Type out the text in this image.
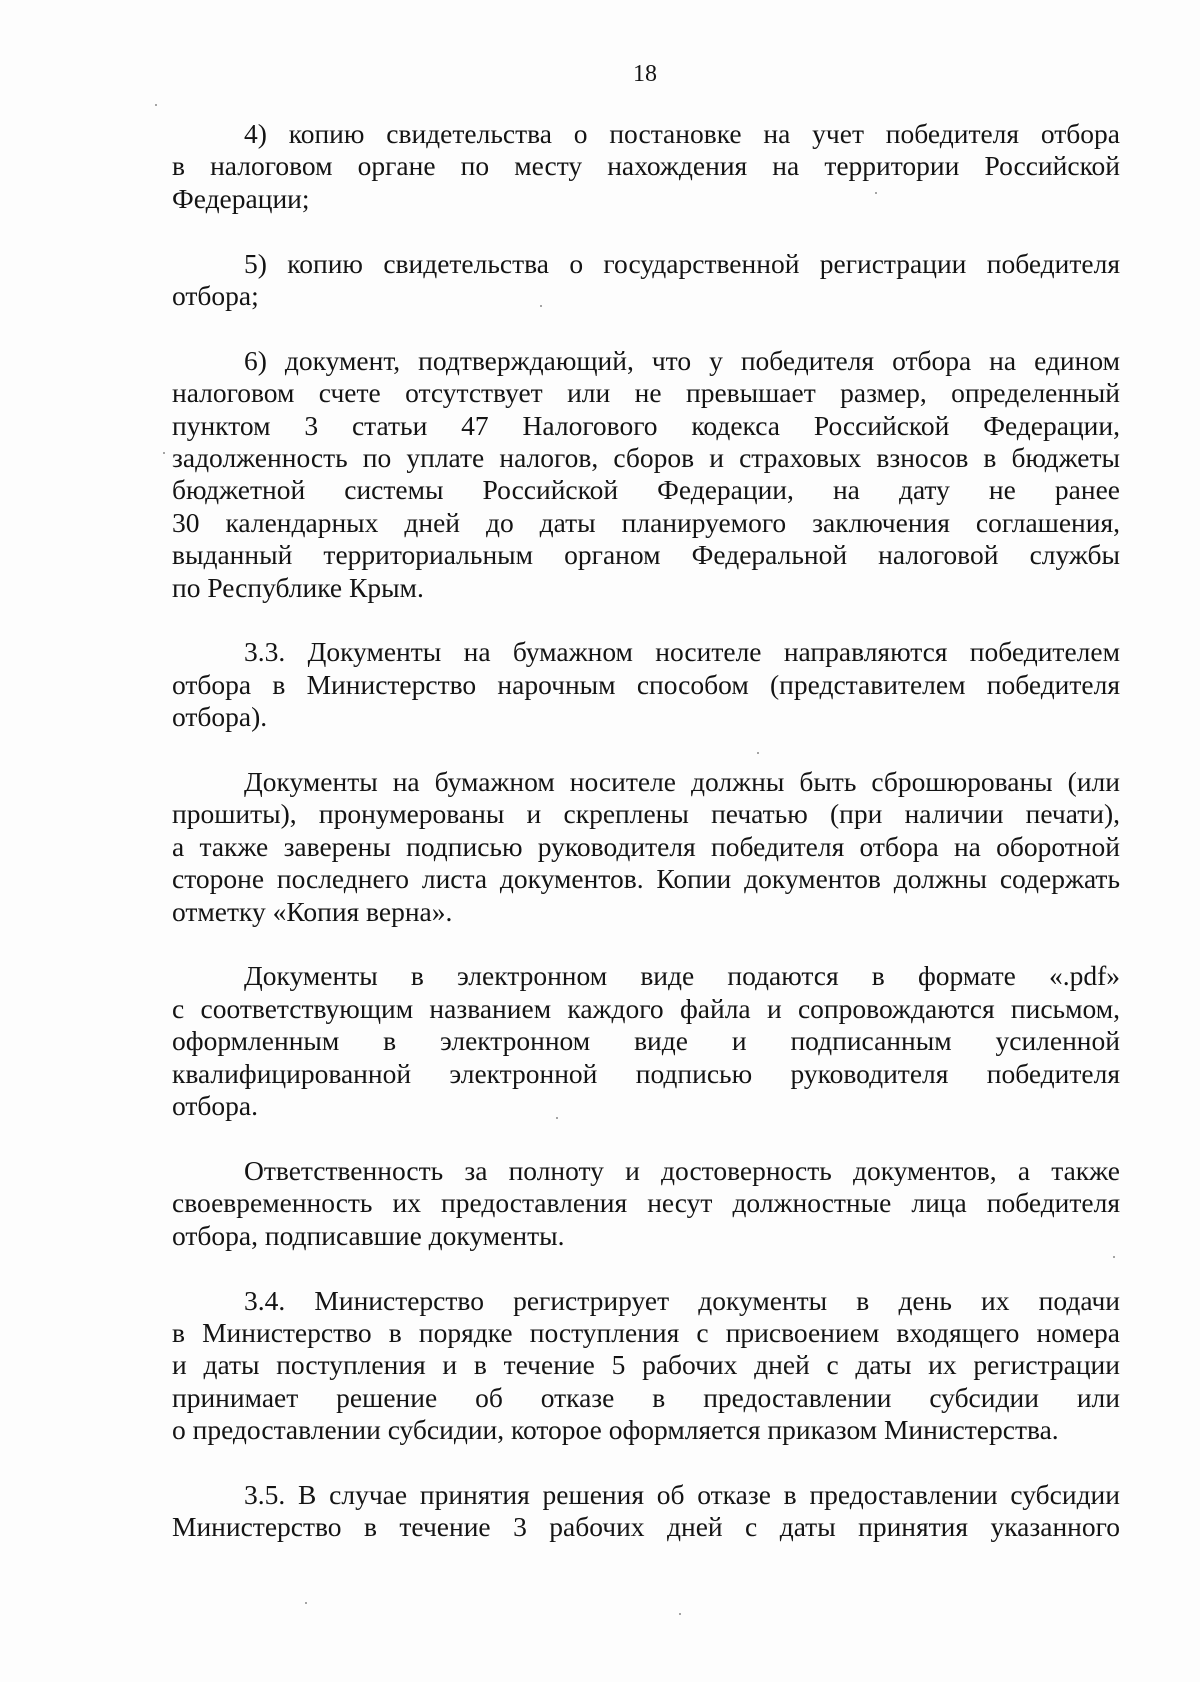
18
4) копию свидетельства о постановке на учет победителя отбора
в налоговом органе по месту нахождения на территории Российской
Федерации;
5) копию свидетельства о государственной регистрации победителя
отбора;
6) документ, подтверждающий, что у победителя отбора на едином
налоговом счете отсутствует или не превышает размер, определенный
пунктом 3 статьи 47 Налогового кодекса Российской Федерации,
задолженность по уплате налогов, сборов и страховых взносов в бюджеты
бюджетной системы Российской Федерации, на дату не ранее
30 календарных дней до даты планируемого заключения соглашения,
выданный территориальным органом Федеральной налоговой службы
по Республике Крым.
3.3. Документы на бумажном носителе направляются победителем
отбора в Министерство нарочным способом (представителем победителя
отбора).
Документы на бумажном носителе должны быть сброшюрованы (или
прошиты), пронумерованы и скреплены печатью (при наличии печати),
а также заверены подписью руководителя победителя отбора на оборотной
стороне последнего листа документов. Копии документов должны содержать
отметку «Копия верна».
Документы в электронном виде подаются в формате «.pdf»
с соответствующим названием каждого файла и сопровождаются письмом,
оформленным в электронном виде и подписанным усиленной
квалифицированной электронной подписью руководителя победителя
отбора.
Ответственность за полноту и достоверность документов, а также
своевременность их предоставления несут должностные лица победителя
отбора, подписавшие документы.
3.4. Министерство регистрирует документы в день их подачи
в Министерство в порядке поступления с присвоением входящего номера
и даты поступления и в течение 5 рабочих дней с даты их регистрации
принимает решение об отказе в предоставлении субсидии или
о предоставлении субсидии, которое оформляется приказом Министерства.
3.5. В случае принятия решения об отказе в предоставлении субсидии
Министерство в течение 3 рабочих дней с даты принятия указанного
